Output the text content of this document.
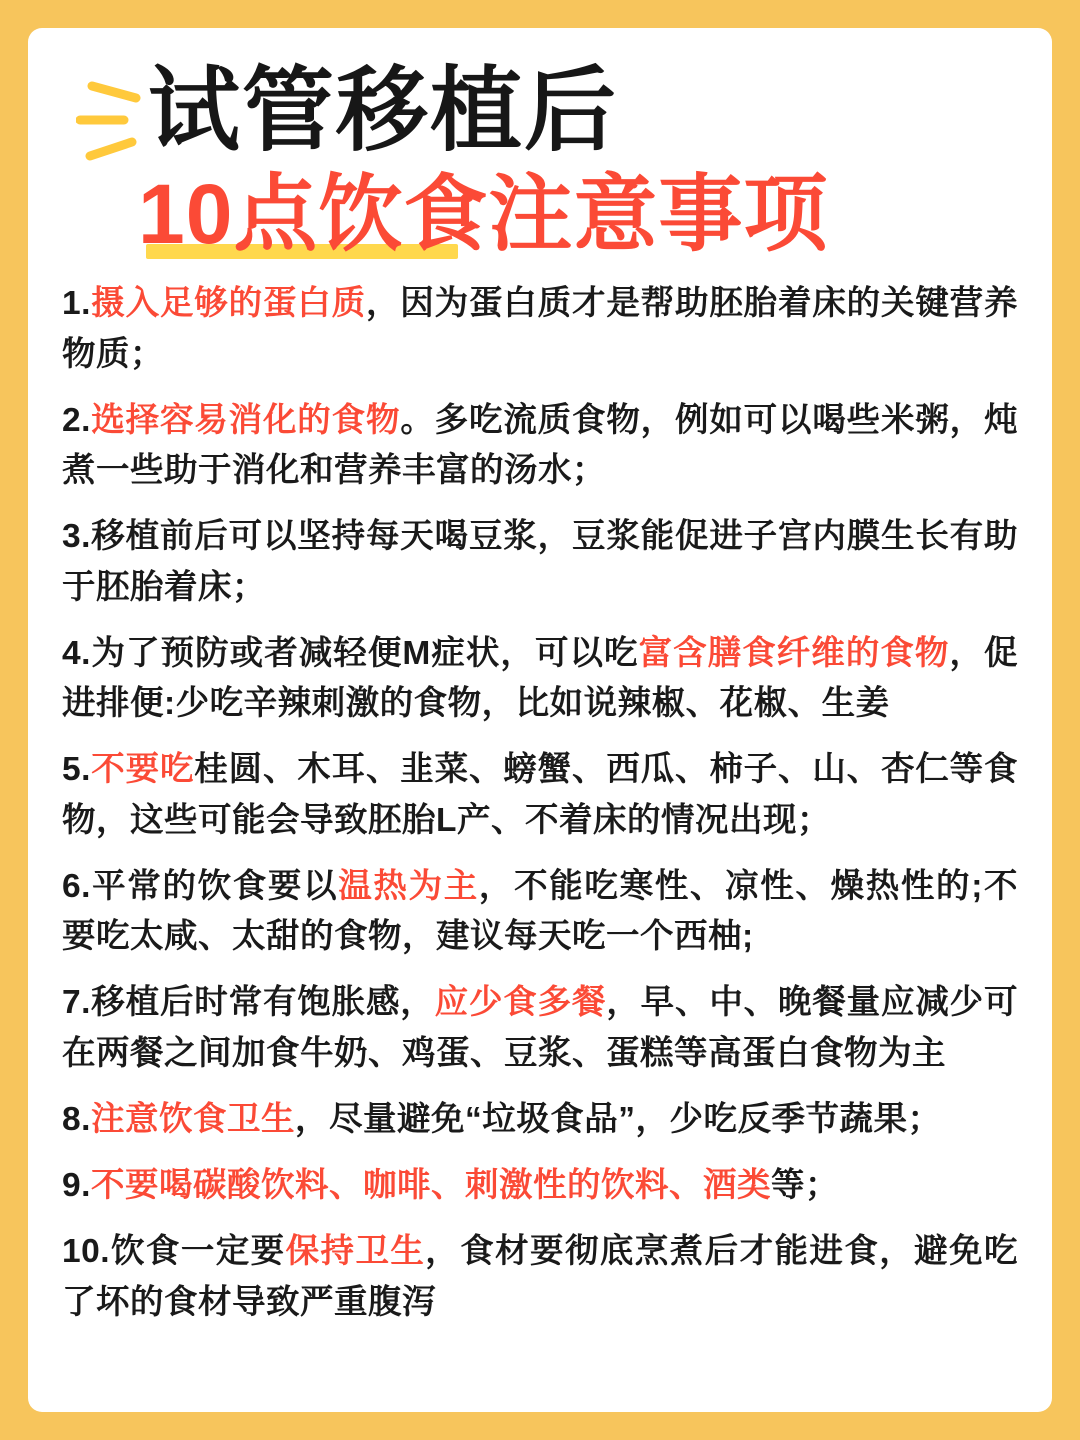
试管移植后
10点饮食注意事项

1.摄入足够的蛋白质，因为蛋白质才是帮助胚胎着床的关键营养物质；

2.选择容易消化的食物。多吃流质食物，例如可以喝些米粥，炖煮一些助于消化和营养丰富的汤水；

3.移植前后可以坚持每天喝豆浆，豆浆能促进子宫内膜生长有助于胚胎着床；

4.为了预防或者减轻便M症状，可以吃富含膳食纤维的食物，促进排便:少吃辛辣刺激的食物，比如说辣椒、花椒、生姜

5.不要吃桂圆、木耳、韭菜、螃蟹、西瓜、柿子、山、杏仁等食物，这些可能会导致胚胎L产、不着床的情况出现；

6.平常的饮食要以温热为主，不能吃寒性、凉性、燥热性的;不要吃太咸、太甜的食物，建议每天吃一个西柚;

7.移植后时常有饱胀感，应少食多餐，早、中、晚餐量应减少可在两餐之间加食牛奶、鸡蛋、豆浆、蛋糕等高蛋白食物为主

8.注意饮食卫生，尽量避免“垃圾食品”，少吃反季节蔬果；

9.不要喝碳酸饮料、咖啡、刺激性的饮料、酒类等；

10.饮食一定要保持卫生，食材要彻底烹煮后才能进食，避免吃了坏的食材导致严重腹泻
